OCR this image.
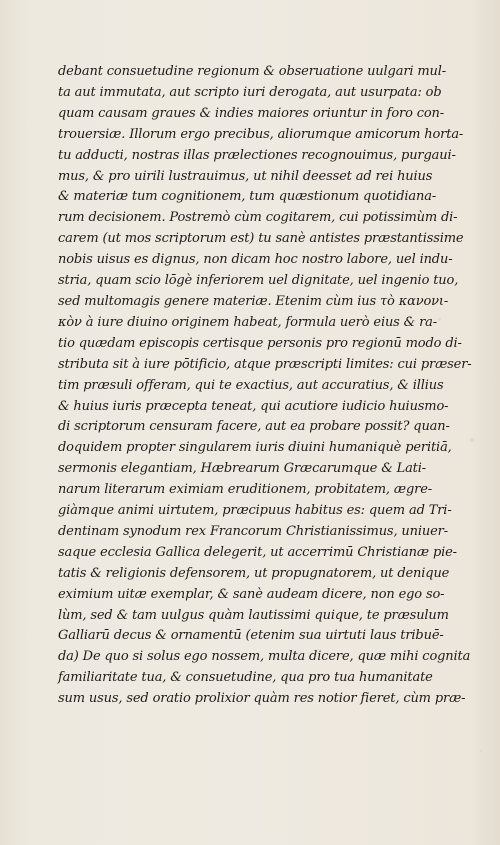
debant consuetudine regionum & obseruatione uulgari mul-
ta aut immutata, aut scripto iuri derogata, aut usurpata: ob
quam causam graues & indies maiores oriuntur in foro con-
trouersiæ. Illorum ergo precibus, aliorumque amicorum horta-
tu adducti, nostras illas prælectiones recognouimus, purgaui-
mus, & pro uirili lustrauimus, ut nihil deesset ad rei huius
& materiæ tum cognitionem, tum quæstionum quotidiana-
rum decisionem. Postremò cùm cogitarem, cui potissimùm di-
carem (ut mos scriptorum est) tu sanè antistes præstantissime
nobis uisus es dignus, non dicam hoc nostro labore, uel indu-
stria, quam scio lōgè inferiorem uel dignitate, uel ingenio tuo,
sed multomagis genere materiæ. Etenim cùm ius τὸ κανονι-
κὸν à iure diuino originem habeat, formula uerò eius & ra-
tio quædam episcopis certisque personis pro regionū modo di-
stributa sit à iure pōtificio, atque præscripti limites: cui præser-
tim præsuli offeram, qui te exactius, aut accuratius, & illius
& huius iuris præcepta teneat, qui acutiore iudicio huiusmo-
di scriptorum censuram facere, aut ea probare possit? quan-
doquidem propter singularem iuris diuini humaniquè peritiā,
sermonis elegantiam, Hæbrearum Græcarumque & Lati-
narum literarum eximiam eruditionem, probitatem, ægre-
giàmque animi uirtutem, præcipuus habitus es: quem ad Tri-
dentinam synodum rex Francorum Christianissimus, uniuer-
saque ecclesia Gallica delegerit, ut accerrimū Christianæ pie-
tatis & religionis defensorem, ut propugnatorem, ut denique
eximium uitæ exemplar, & sanè audeam dicere, non ego so-
lùm, sed & tam uulgus quàm lautissimi quique, te præsulum
Galliarū decus & ornamentū (etenim sua uirtuti laus tribuē-
da) De quo si solus ego nossem, multa dicere, quæ mihi cognita
familiaritate tua, & consuetudine, qua pro tua humanitate
sum usus, sed oratio prolixior quàm res notior fieret, cùm præ-
